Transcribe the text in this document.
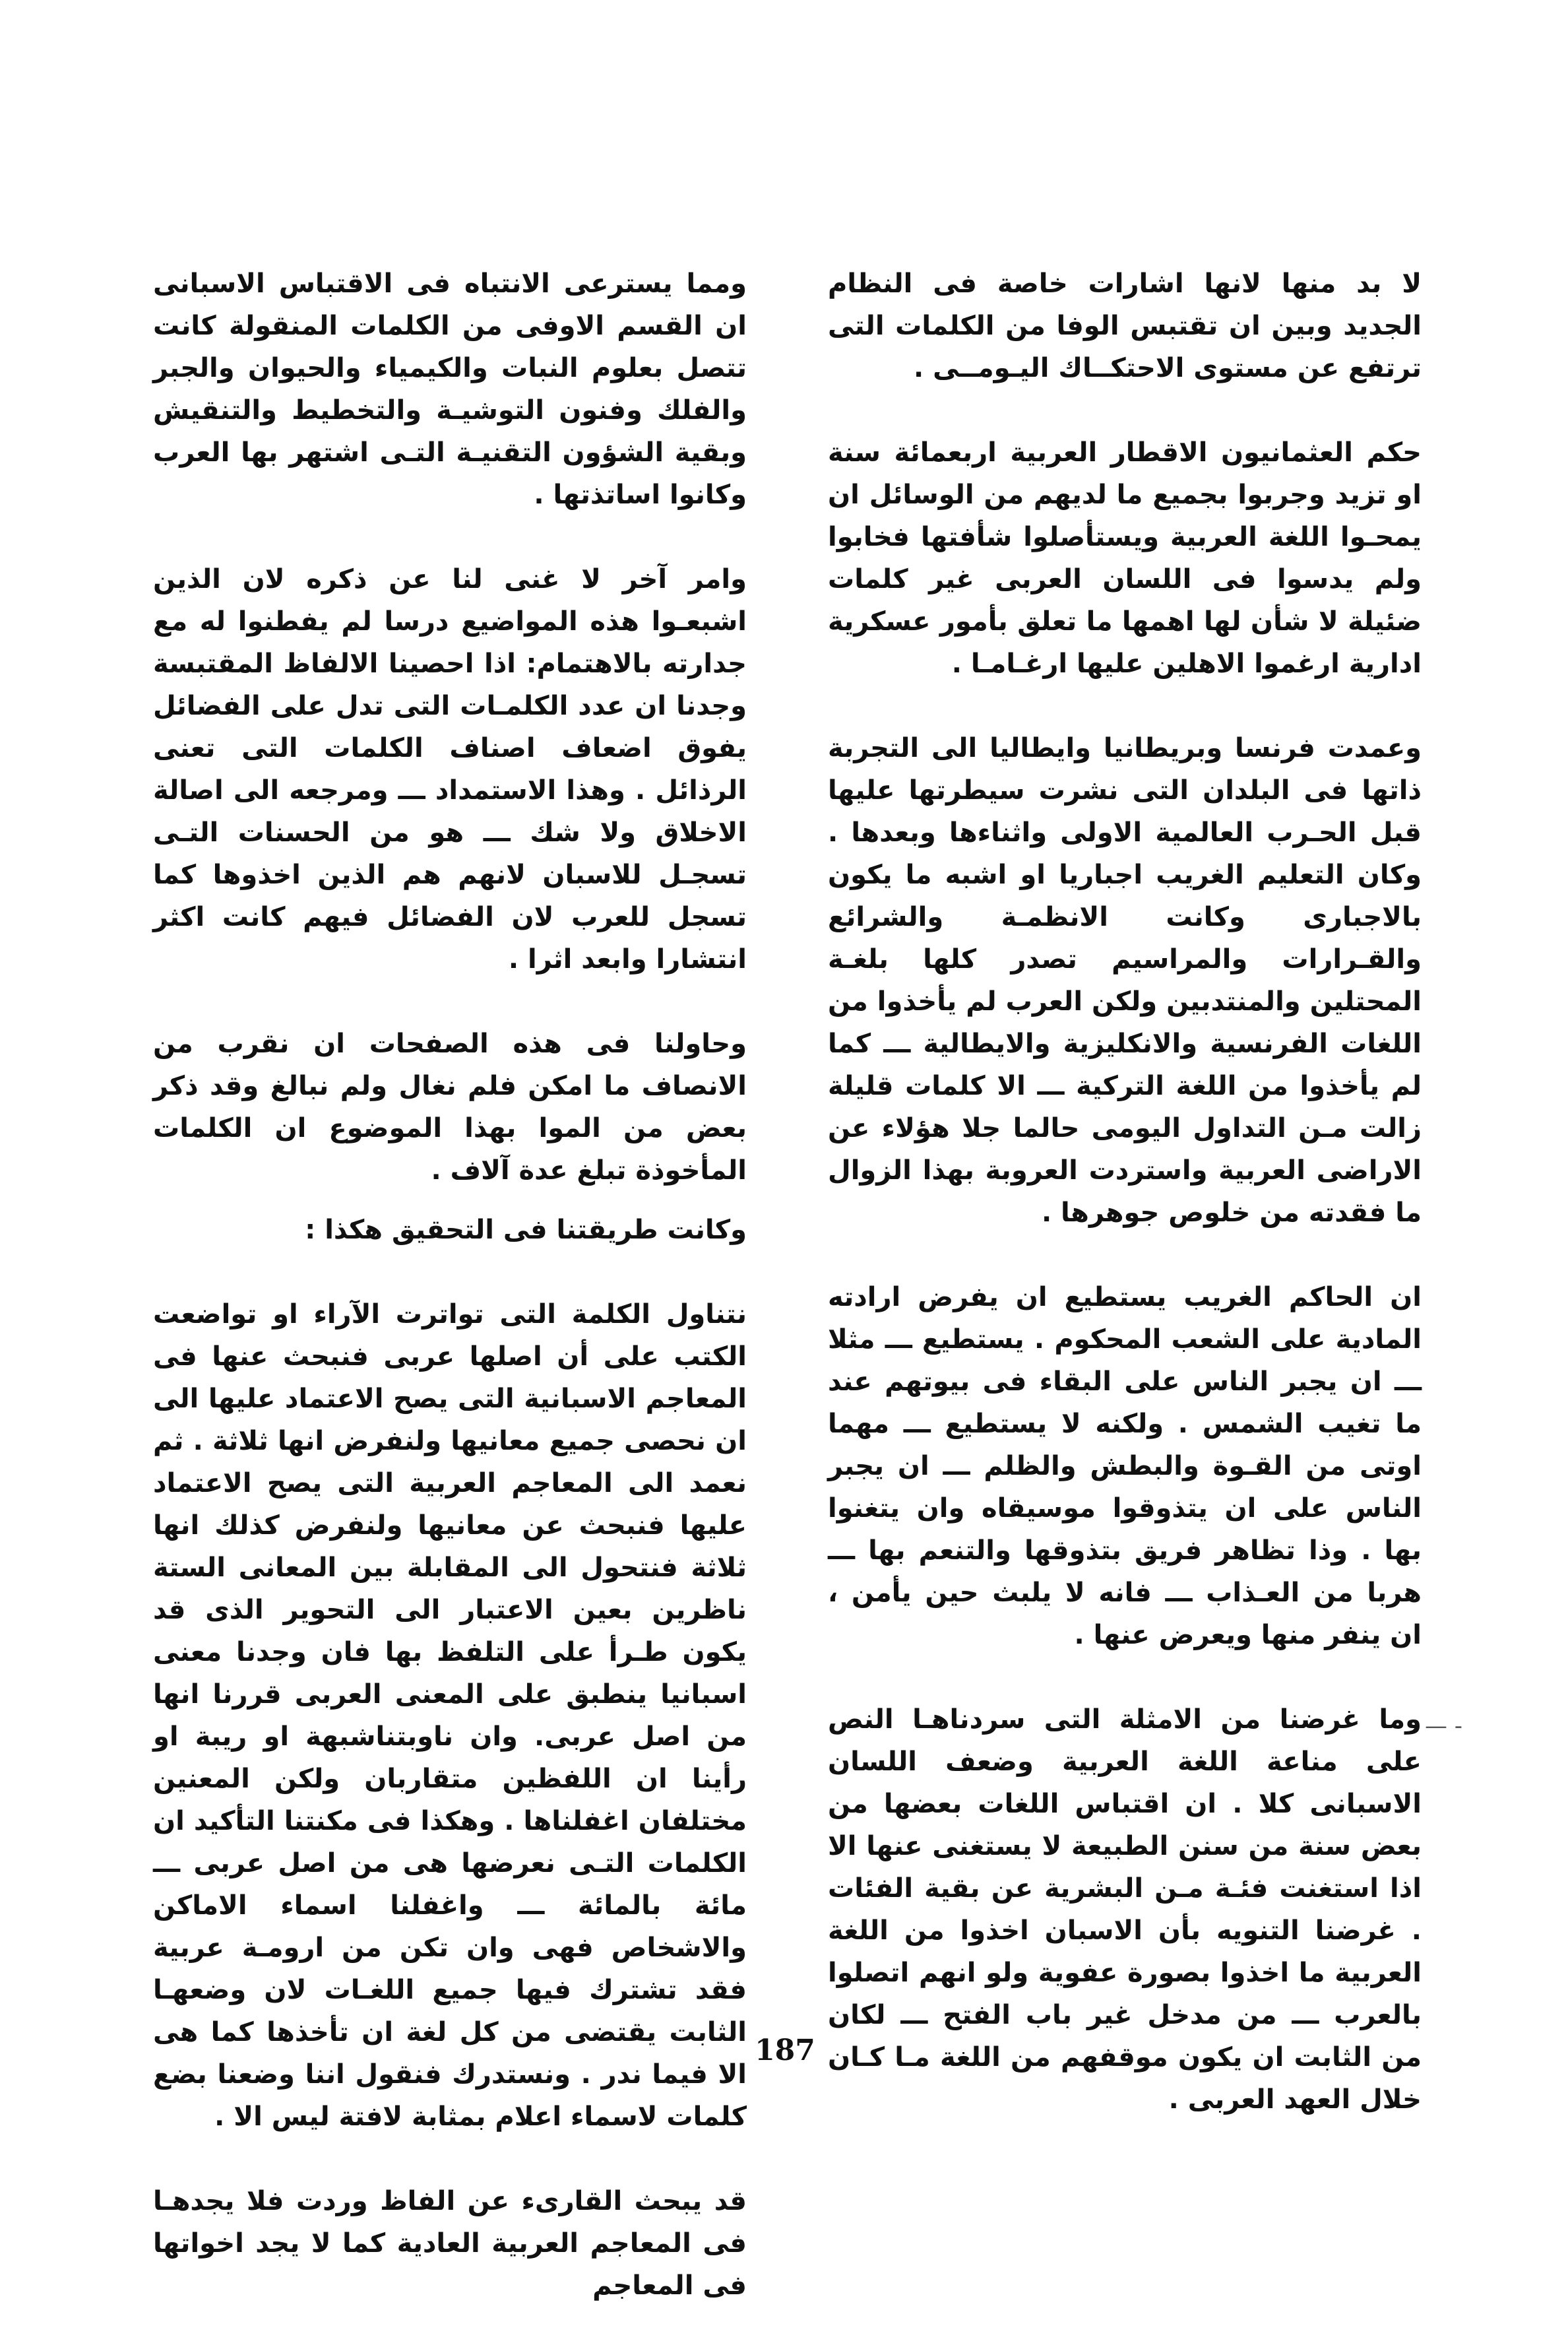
لا بد منها لانها اشارات خاصة فى النظام الجديد وبين ان تقتبس الوفا من الكلمات التى ترتفع عن مستوى الاحتكــاك اليـومــى .

حكم العثمانيون الاقطار العربية اربعمائة سنة او تزيد وجربوا بجميع ما لديهم من الوسائل ان يمحـوا اللغة العربية ويستأصلوا شأفتها فخابوا ولم يدسوا فى اللسان العربى غير كلمات ضئيلة لا شأن لها اهمها ما تعلق بأمور عسكرية ادارية ارغموا الاهلين عليها ارغـامـا .

وعمدت فرنسا وبريطانيا وايطاليا الى التجربة ذاتها فى البلدان التى نشرت سيطرتها عليها قبل الحـرب العالمية الاولى واثناءها وبعدها . وكان التعليم الغريب اجباريا او اشبه ما يكون بالاجبارى وكانت الانظمـة والشرائع والقـرارات والمراسيم تصدر كلها بلغـة المحتلين والمنتدبين ولكن العرب لم يأخذوا من اللغات الفرنسية والانكليزية والايطالية ـــ كما لم يأخذوا من اللغة التركية ـــ الا كلمات قليلة زالت مـن التداول اليومى حالما جلا هؤلاء عن الاراضى العربية واستردت العروبة بهذا الزوال ما فقدته من خلوص جوهرها .

ان الحاكم الغريب يستطيع ان يفرض ارادته المادية على الشعب المحكوم . يستطيع ـــ مثلا ـــ ان يجبر الناس على البقاء فى بيوتهم عند ما تغيب الشمس . ولكنه لا يستطيع ـــ مهما اوتى من القـوة والبطش والظلم ـــ ان يجبر الناس على ان يتذوقوا موسيقاه وان يتغنوا بها . وذا تظاهر فريق بتذوقها والتنعم بها ـــ هربا من العـذاب ـــ فانه لا يلبث حين يأمن ، ان ينفر منها ويعرض عنها .

وما غرضنا من الامثلة التى سردناهـا النص على مناعة اللغة العربية وضعف اللسان الاسبانى كلا . ان اقتباس اللغات بعضها من بعض سنة من سنن الطبيعة لا يستغنى عنها الا اذا استغنت فئـة مـن البشرية عن بقية الفئات . غرضنا التنويه بأن الاسبان اخذوا من اللغة العربية ما اخذوا بصورة عفوية ولو انهم اتصلوا بالعرب ـــ من مدخل غير باب الفتح ـــ لكان من الثابت ان يكون موقفهم من اللغة مـا كـان خلال العهد العربى .

ومما يسترعى الانتباه فى الاقتباس الاسبانى ان القسم الاوفى من الكلمات المنقولة كانت تتصل بعلوم النبات والكيمياء والحيوان والجبر والفلك وفنون التوشيـة والتخطيط والتنقيش وبقية الشؤون التقنيـة التـى اشتهر بها العرب وكانوا اساتذتها .

وامر آخر لا غنى لنا عن ذكره لان الذين اشبعـوا هذه المواضيع درسا لم يفطنوا له مع جدارته بالاهتمام: اذا احصينا الالفاظ المقتبسة وجدنا ان عدد الكلمـات التى تدل على الفضائل يفوق اضعاف اصناف الكلمات التى تعنى الرذائل . وهذا الاستمداد ـــ ومرجعه الى اصالة الاخلاق ولا شك ـــ هو من الحسنات التـى تسجـل للاسبان لانهم هم الذين اخذوها كما تسجل للعرب لان الفضائل فيهم كانت اكثر انتشارا وابعد اثرا .

وحاولنا فى هذه الصفحات ان نقرب من الانصاف ما امكن فلم نغال ولم نبالغ وقد ذكر بعض من الموا بهذا الموضوع ان الكلمات المأخوذة تبلغ عدة آلاف .

وكانت طريقتنا فى التحقيق هكذا :

نتناول الكلمة التى تواترت الآراء او تواضعت الكتب على أن اصلها عربى فنبحث عنها فى المعاجم الاسبانية التى يصح الاعتماد عليها الى ان نحصى جميع معانيها ولنفرض انها ثلاثة . ثم نعمد الى المعاجم العربية التى يصح الاعتماد عليها فنبحث عن معانيها ولنفرض كذلك انها ثلاثة فنتحول الى المقابلة بين المعانى الستة ناظرين بعين الاعتبار الى التحوير الذى قد يكون طـرأ على التلفظ بها فان وجدنا معنى اسبانيا ينطبق على المعنى العربى قررنا انها من اصل عربى. وان ناوبتناشبهة او ريبة او رأينا ان اللفظين متقاربان ولكن المعنين مختلفان اغفلناها . وهكذا فى مكنتنا التأكيد ان الكلمات التـى نعرضها هى من اصل عربى ـــ مائة بالمائة ـــ واغفلنا اسماء الاماكن والاشخاص فهى وان تكن من ارومـة عربية فقد تشترك فيها جميع اللغـات لان وضعهـا الثابت يقتضى من كل لغة ان تأخذها كما هى الا فيما ندر . ونستدرك فنقول اننا وضعنا بضع كلمات لاسماء اعلام بمثابة لافتة ليس الا .

قد يبحث القارىء عن الفاظ وردت فلا يجدهـا فى المعاجم العربية العادية كما لا يجد اخواتها فى المعاجم

— -
187
